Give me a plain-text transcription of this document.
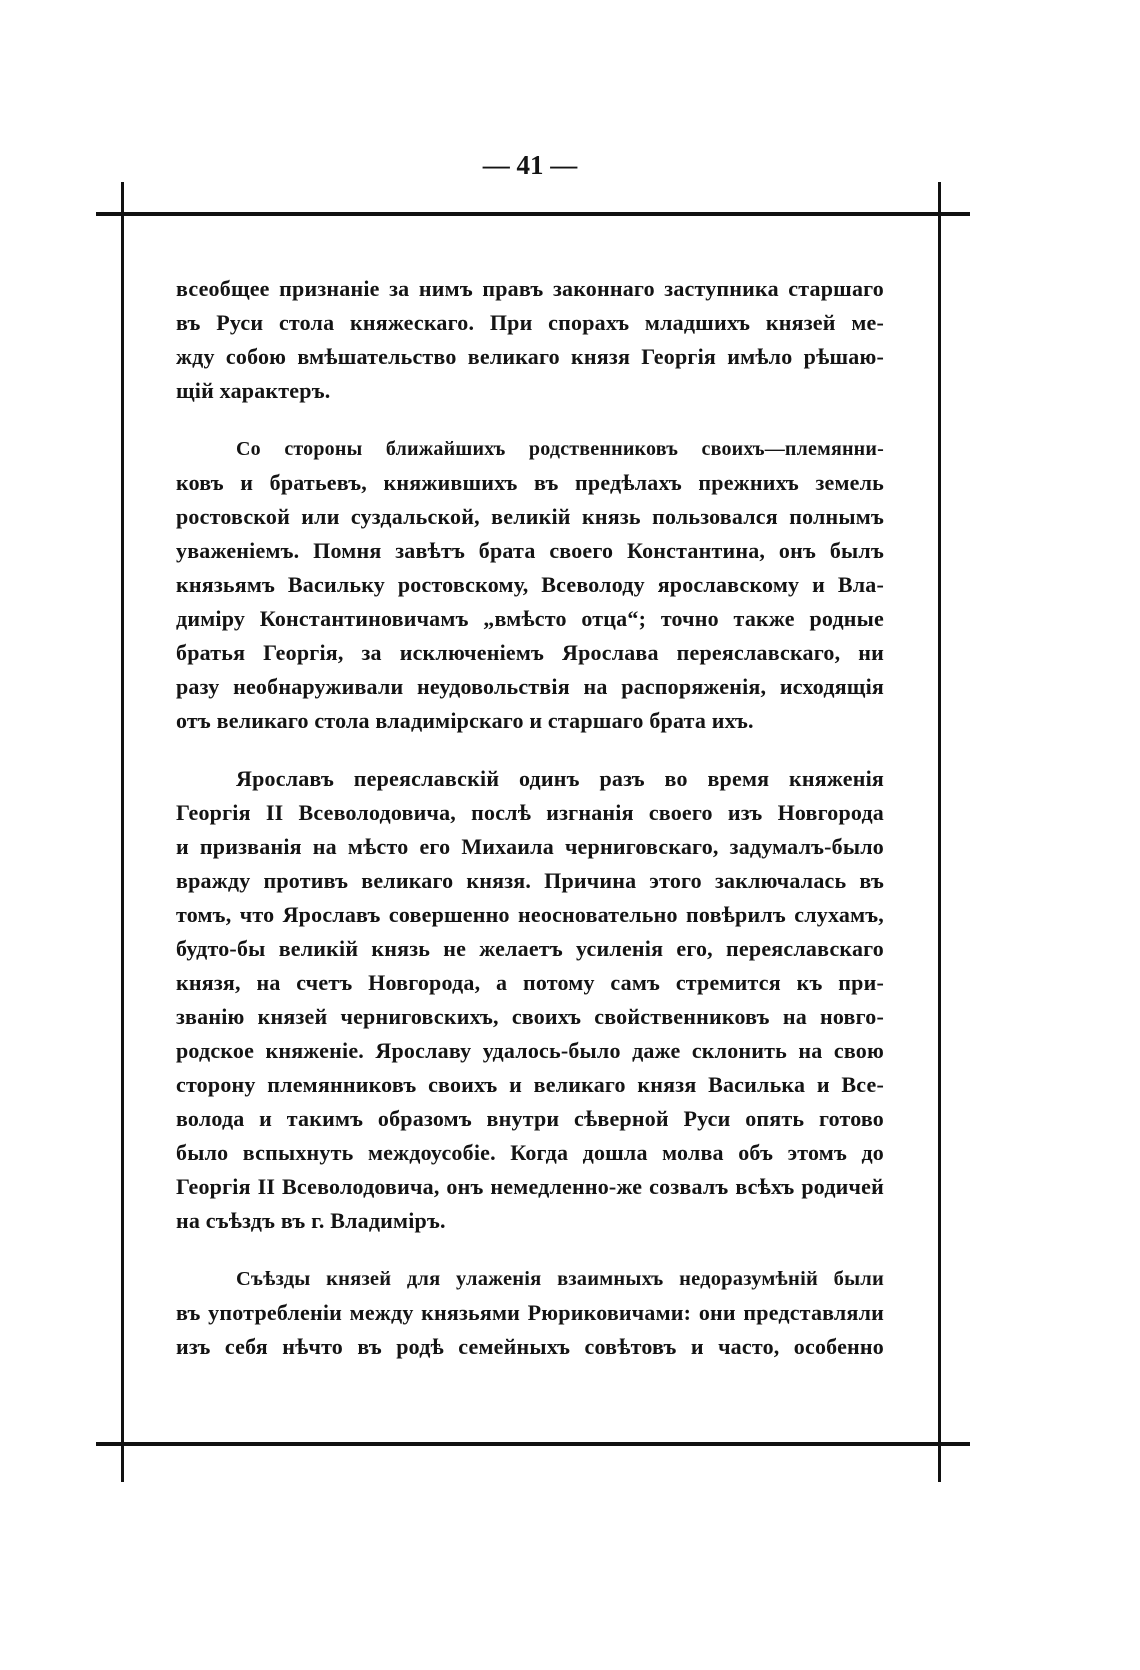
— 41 —
всеобщее признаніе за нимъ правъ законнаго заступника старшаго
въ Руси стола княжескаго. При спорахъ младшихъ князей ме-
жду собою вмѣшательство великаго князя Георгія имѣло рѣшаю-
щій характеръ.
Со стороны ближайшихъ родственниковъ своихъ—племянни-
ковъ и братьевъ, княжившихъ въ предѣлахъ прежнихъ земель
ростовской или суздальской, великій князь пользовался полнымъ
уваженіемъ. Помня завѣтъ брата своего Константина, онъ былъ
князьямъ Васильку ростовскому, Всеволоду ярославскому и Вла-
диміру Константиновичамъ „вмѣсто отца“; точно также родные
братья Георгія, за исключеніемъ Ярослава переяславскаго, ни
разу необнаруживали неудовольствія на распоряженія, исходящія
отъ великаго стола владимірскаго и старшаго брата ихъ.
Ярославъ переяславскій одинъ разъ во время княженія
Георгія II Всеволодовича, послѣ изгнанія своего изъ Новгорода
и призванія на мѣсто его Михаила черниговскаго, задумалъ-было
вражду противъ великаго князя. Причина этого заключалась въ
томъ, что Ярославъ совершенно неосновательно повѣрилъ слухамъ,
будто-бы великій князь не желаетъ усиленія его, переяславскаго
князя, на счетъ Новгорода, а потому самъ стремится къ при-
званію князей черниговскихъ, своихъ свойственниковъ на новго-
родское княженіе. Ярославу удалось-было даже склонить на свою
сторону племянниковъ своихъ и великаго князя Василька и Все-
волода и такимъ образомъ внутри сѣверной Руси опять готово
было вспыхнуть междоусобіе. Когда дошла молва объ этомъ до
Георгія II Всеволодовича, онъ немедленно-же созвалъ всѣхъ родичей
на съѣздъ въ г. Владиміръ.
Съѣзды князей для улаженія взаимныхъ недоразумѣній были
въ употребленіи между князьями Рюриковичами: они представляли
изъ себя нѣчто въ родѣ семейныхъ совѣтовъ и часто, особенно
